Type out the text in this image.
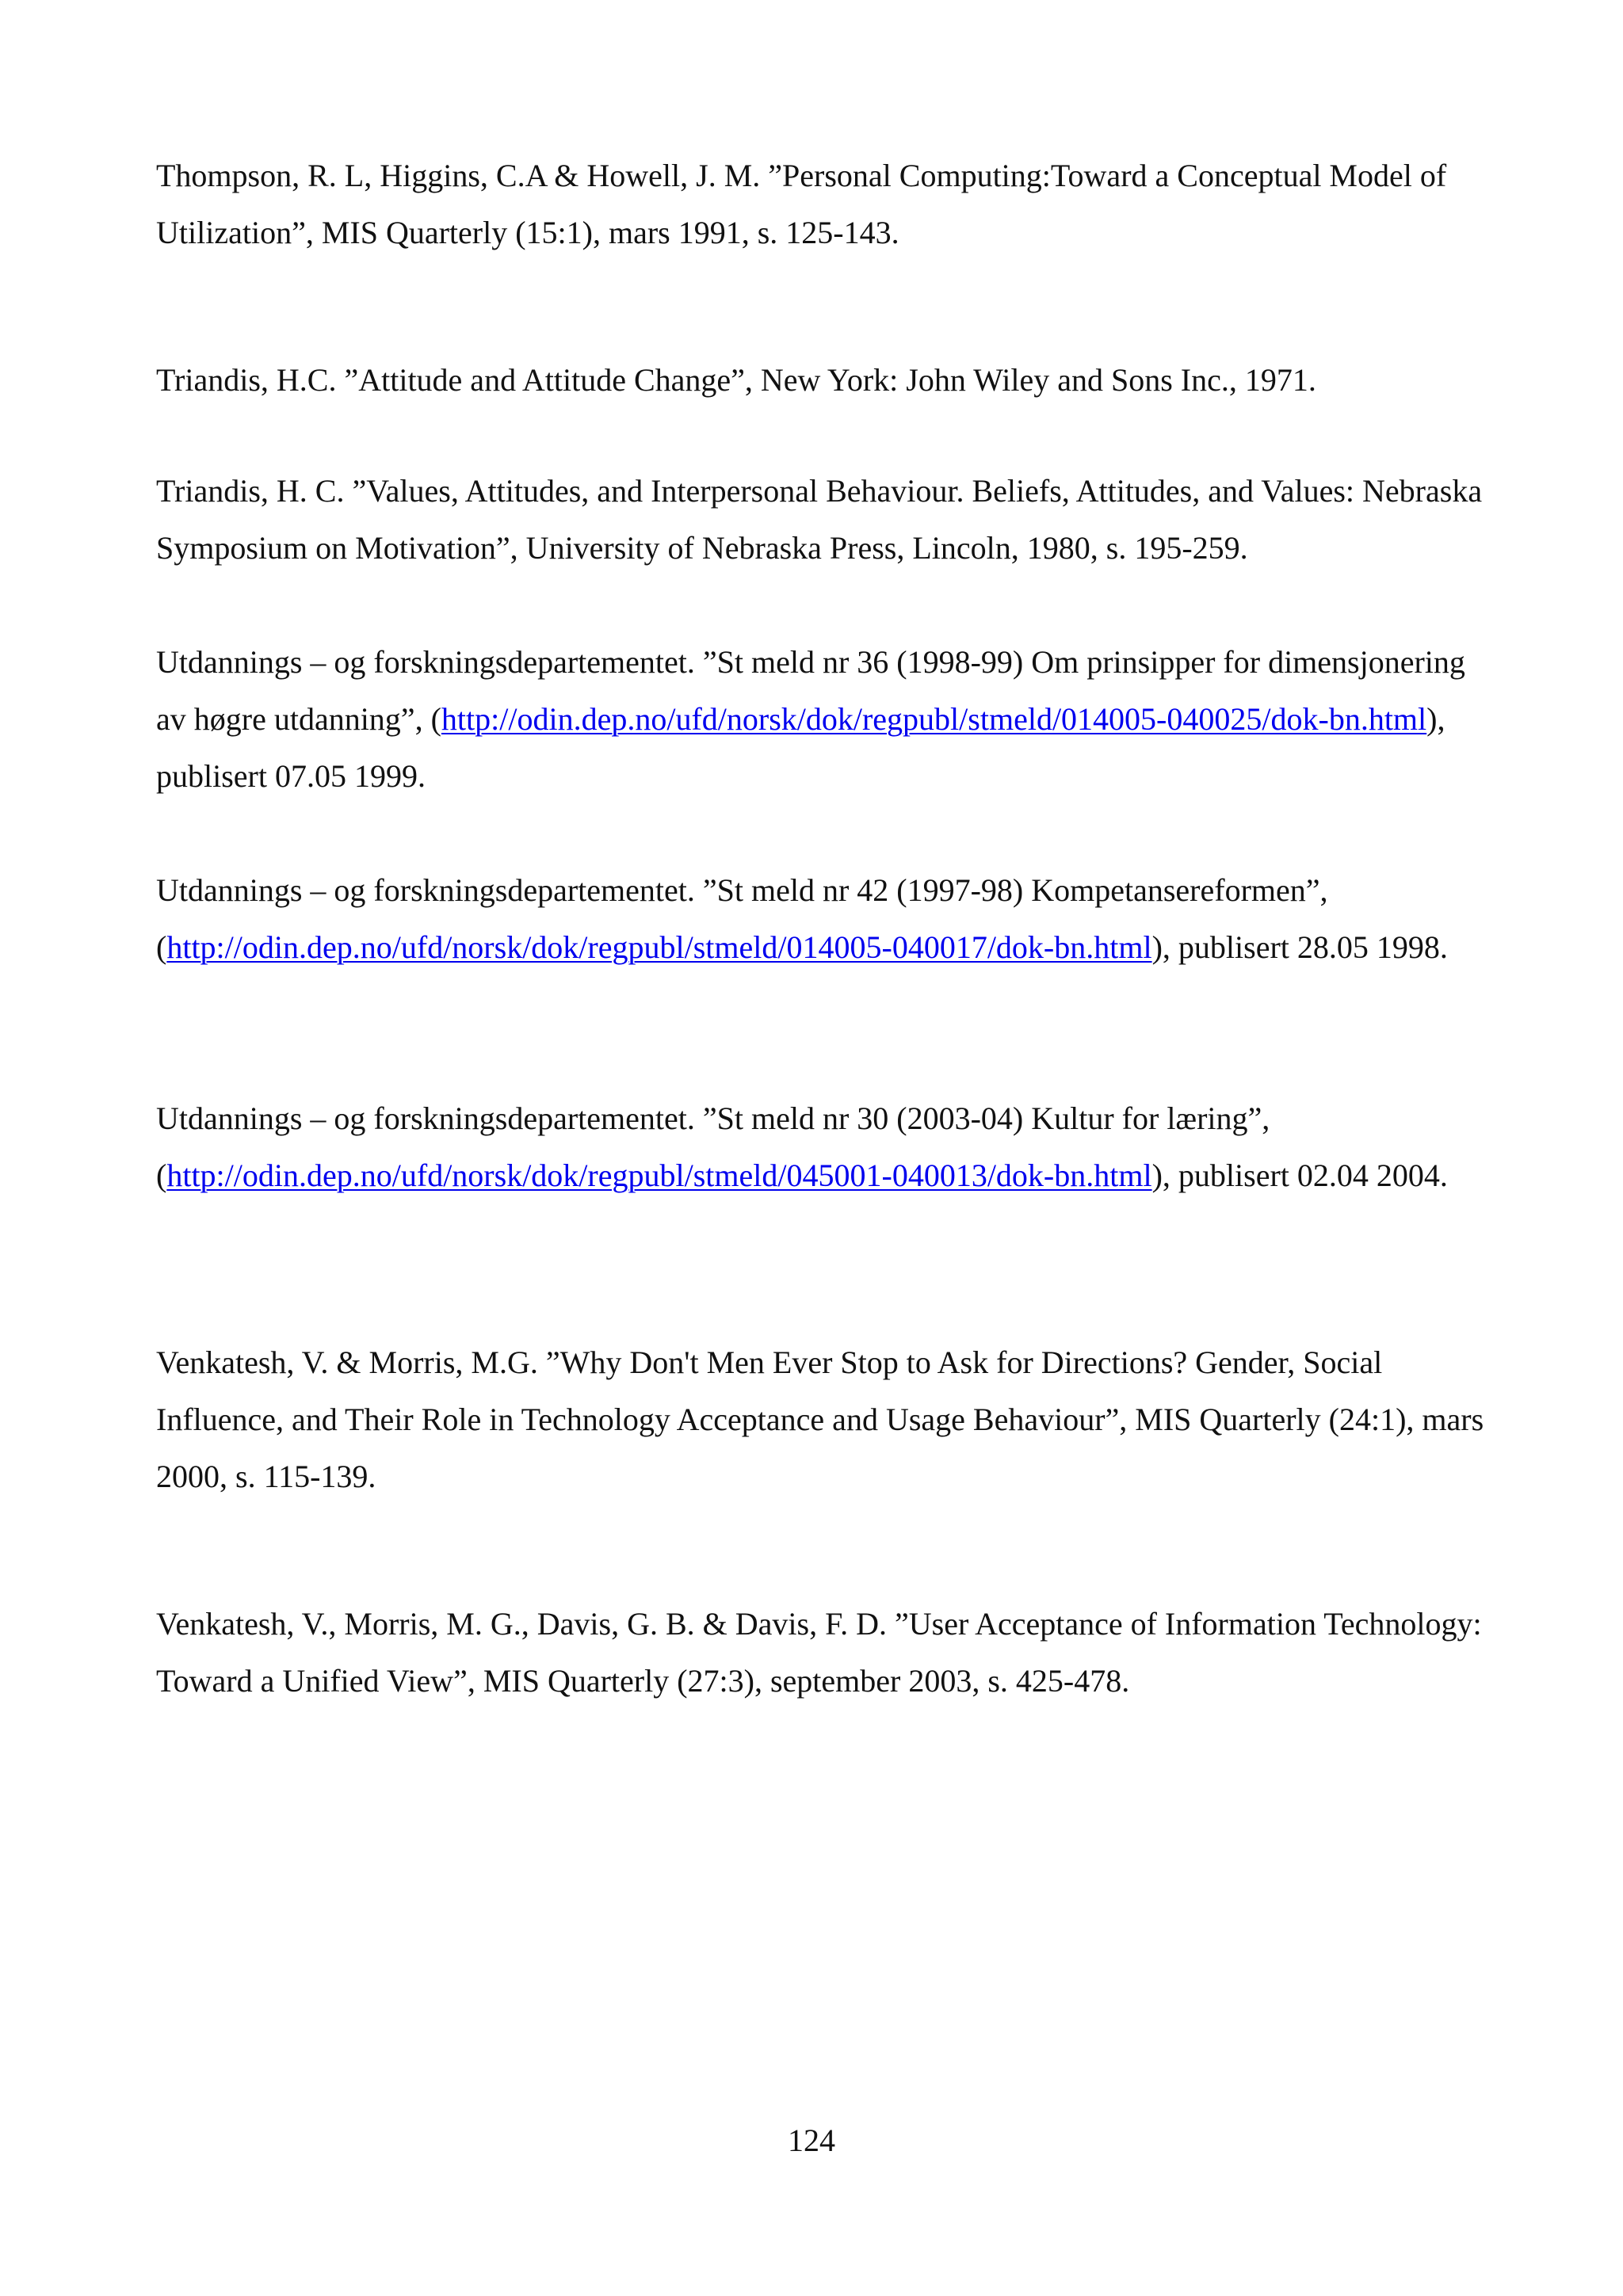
Thompson, R. L, Higgins, C.A & Howell, J. M. ”Personal Computing:Toward a Conceptual Model of Utilization”, MIS Quarterly (15:1), mars 1991, s. 125-143.

Triandis, H.C. ”Attitude and Attitude Change”, New York: John Wiley and Sons Inc., 1971.

Triandis, H. C. ”Values, Attitudes, and Interpersonal Behaviour. Beliefs, Attitudes, and Values: Nebraska Symposium on Motivation”, University of Nebraska Press, Lincoln, 1980, s. 195-259.

Utdannings – og forskningsdepartementet. ”St meld nr 36 (1998-99) Om prinsipper for dimensjonering av høgre utdanning”, (http://odin.dep.no/ufd/norsk/dok/regpubl/stmeld/014005-040025/dok-bn.html), publisert 07.05 1999.

Utdannings – og forskningsdepartementet. ”St meld nr 42 (1997-98) Kompetansereformen”, (http://odin.dep.no/ufd/norsk/dok/regpubl/stmeld/014005-040017/dok-bn.html), publisert 28.05 1998.

Utdannings – og forskningsdepartementet. ”St meld nr 30 (2003-04) Kultur for læring”, (http://odin.dep.no/ufd/norsk/dok/regpubl/stmeld/045001-040013/dok-bn.html), publisert 02.04 2004.

Venkatesh, V. & Morris, M.G. ”Why Don't Men Ever Stop to Ask for Directions? Gender, Social Influence, and Their Role in Technology Acceptance and Usage Behaviour”, MIS Quarterly (24:1), mars 2000, s. 115-139.

Venkatesh, V., Morris, M. G., Davis, G. B. & Davis, F. D. ”User Acceptance of Information Technology: Toward a Unified View”, MIS Quarterly (27:3), september 2003, s. 425-478.

124
